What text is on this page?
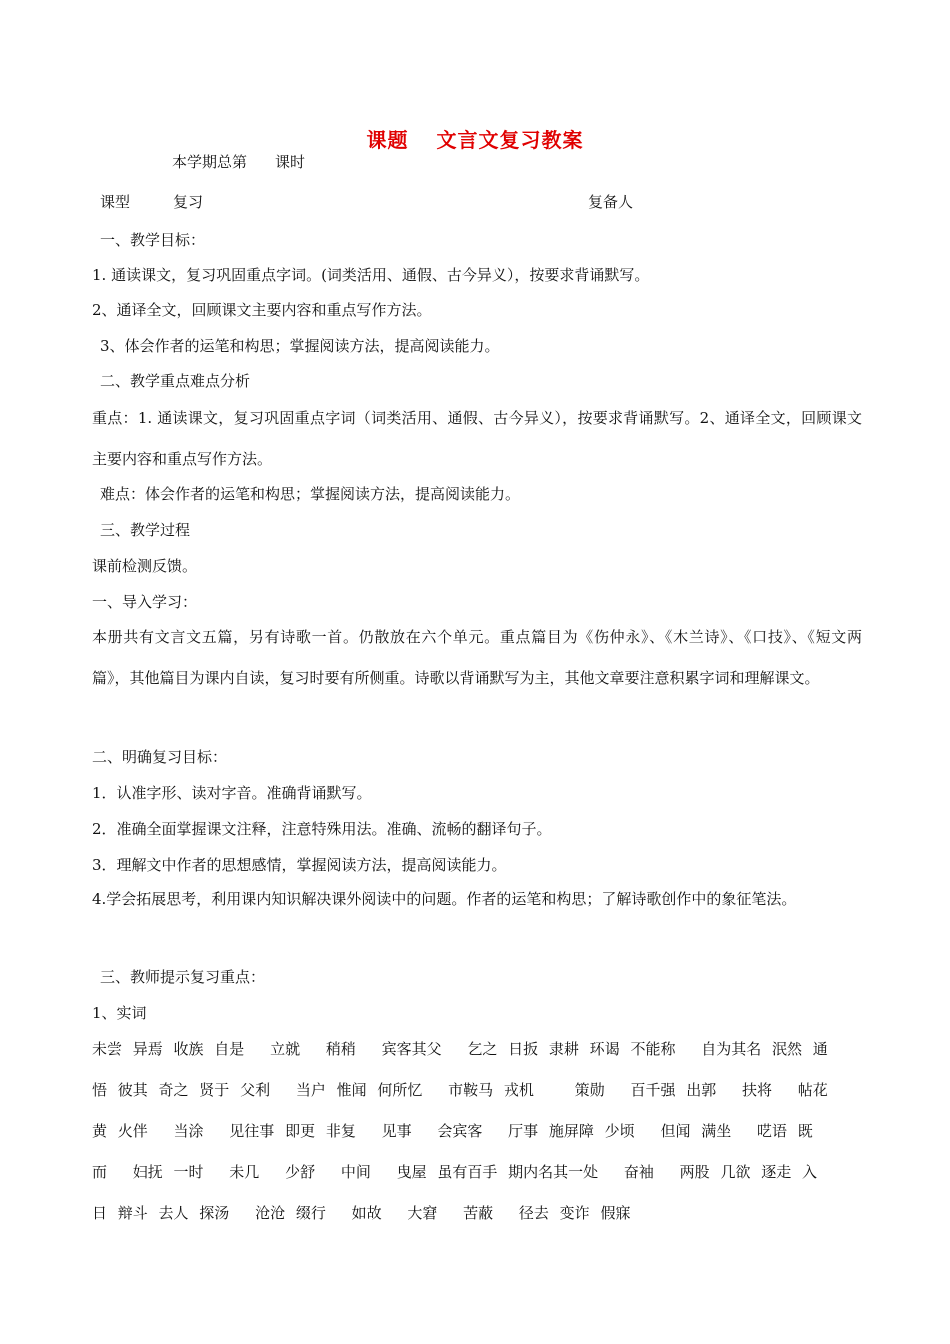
课题 文言文复习教案
本学期总第 课时
课型	复习	复备人
一、教学目标：
1. 通读课文，复习巩固重点字词。(词类活用、通假、古今异义），按要求背诵默写。
2、通译全文，回顾课文主要内容和重点写作方法。
3、体会作者的运笔和构思；掌握阅读方法，提高阅读能力。
二、教学重点难点分析
重点：1. 通读课文，复习巩固重点字词（词类活用、通假、古今异义），按要求背诵默写。2、通译全文，回顾课文主要内容和重点写作方法。
难点：体会作者的运笔和构思；掌握阅读方法，提高阅读能力。
三、教学过程
课前检测反馈。
一、导入学习：
本册共有文言文五篇，另有诗歌一首。仍散放在六个单元。重点篇目为《伤仲永》、《木兰诗》、《口技》、《短文两篇》，其他篇目为课内自读，复习时要有所侧重。诗歌以背诵默写为主，其他文章要注意积累字词和理解课文。
二、明确复习目标：
1．认准字形、读对字音。准确背诵默写。
2．准确全面掌握课文注释，注意特殊用法。准确、流畅的翻译句子。
3．理解文中作者的思想感情，掌握阅读方法，提高阅读能力。
4.学会拓展思考，利用课内知识解决课外阅读中的问题。作者的运笔和构思；了解诗歌创作中的象征笔法。
三、教师提示复习重点：
1、实词
未尝 异焉 收族 自是 　立就 　稍稍 　宾客其父 　乞之 日扳 隶耕 环谒 不能称 　自为其名 泯然 通
悟 彼其 奇之 贤于 父利 　当户 惟闻 何所忆 　市鞍马 戎机 　　策勋 　百千强 出郭 　扶将 　帖花
黄 火伴 　当涂 　见往事 即更 非复 　见事 　会宾客 　厅事 施屏障 少顷 　但闻 满坐 　呓语 既
而 　妇抚 一时 　未几 　少舒 　中间 　曳屋 虽有百手 期内名其一处 　奋袖 　两股 几欲 逐走 入
日 辩斗 去人 探汤 　沧沧 缀行 　如故 　大窘 　苦蔽 　径去 变诈 假寐
